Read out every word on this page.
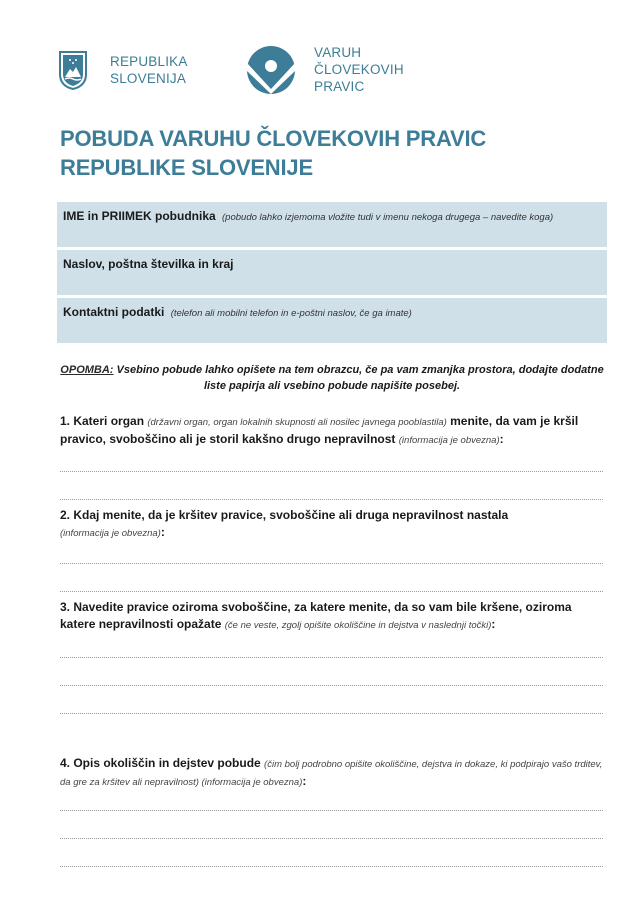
REPUBLIKA
SLOVENIJA
VARUH
ČLOVEKOVIH
PRAVIC
POBUDA VARUHU ČLOVEKOVIH PRAVIC
REPUBLIKE SLOVENIJE
IME in PRIIMEK pobudnika (pobudo lahko izjemoma vložite tudi v imenu nekoga drugega – navedite koga)
Naslov, poštna številka in kraj
Kontaktni podatki (telefon ali mobilni telefon in e-poštni naslov, če ga imate)
OPOMBA: Vsebino pobude lahko opišete na tem obrazcu, če pa vam zmanjka prostora, dodajte dodatne liste papirja ali vsebino pobude napišite posebej.
1. Kateri organ (državni organ, organ lokalnih skupnosti ali nosilec javnega pooblastila) menite, da vam je kršil pravico, svoboščino ali je storil kakšno drugo nepravilnost (informacija je obvezna):
2. Kdaj menite, da je kršitev pravice, svoboščine ali druga nepravilnost nastala
(informacija je obvezna):
3. Navedite pravice oziroma svoboščine, za katere menite, da so vam bile kršene, oziroma katere nepravilnosti opažate (če ne veste, zgolj opišite okoliščine in dejstva v naslednji točki):
4. Opis okoliščin in dejstev pobude (čim bolj podrobno opišite okoliščine, dejstva in dokaze, ki podpirajo vašo trditev, da gre za kršitev ali nepravilnost) (informacija je obvezna):
